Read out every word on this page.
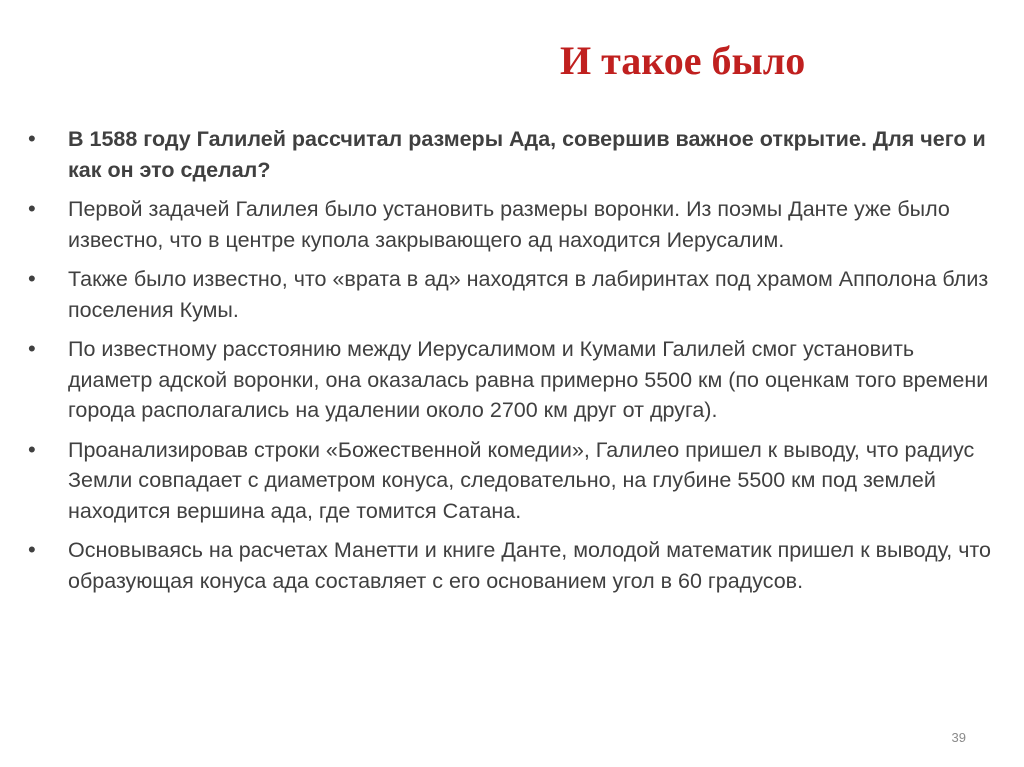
И такое было
•	В 1588 году Галилей рассчитал размеры Ада, совершив важное открытие. Для чего и как он это сделал?
•	Первой задачей Галилея было установить размеры воронки. Из поэмы Данте уже было известно, что в центре купола закрывающего ад находится Иерусалим.
•	Также было известно, что «врата в ад» находятся в лабиринтах под храмом Апполона близ поселения Кумы.
•	По известному расстоянию между Иерусалимом и Кумами Галилей смог установить диаметр адской воронки, она оказалась равна примерно 5500 км (по оценкам того времени города располагались на удалении около 2700 км друг от друга).
•	Проанализировав строки «Божественной комедии», Галилео пришел к выводу, что радиус Земли совпадает с диаметром конуса, следовательно, на глубине 5500 км под землей находится вершина ада, где томится Сатана.
•	Основываясь на расчетах Манетти и книге Данте, молодой математик пришел к выводу, что образующая конуса ада составляет с его основанием угол в 60 градусов.
39
